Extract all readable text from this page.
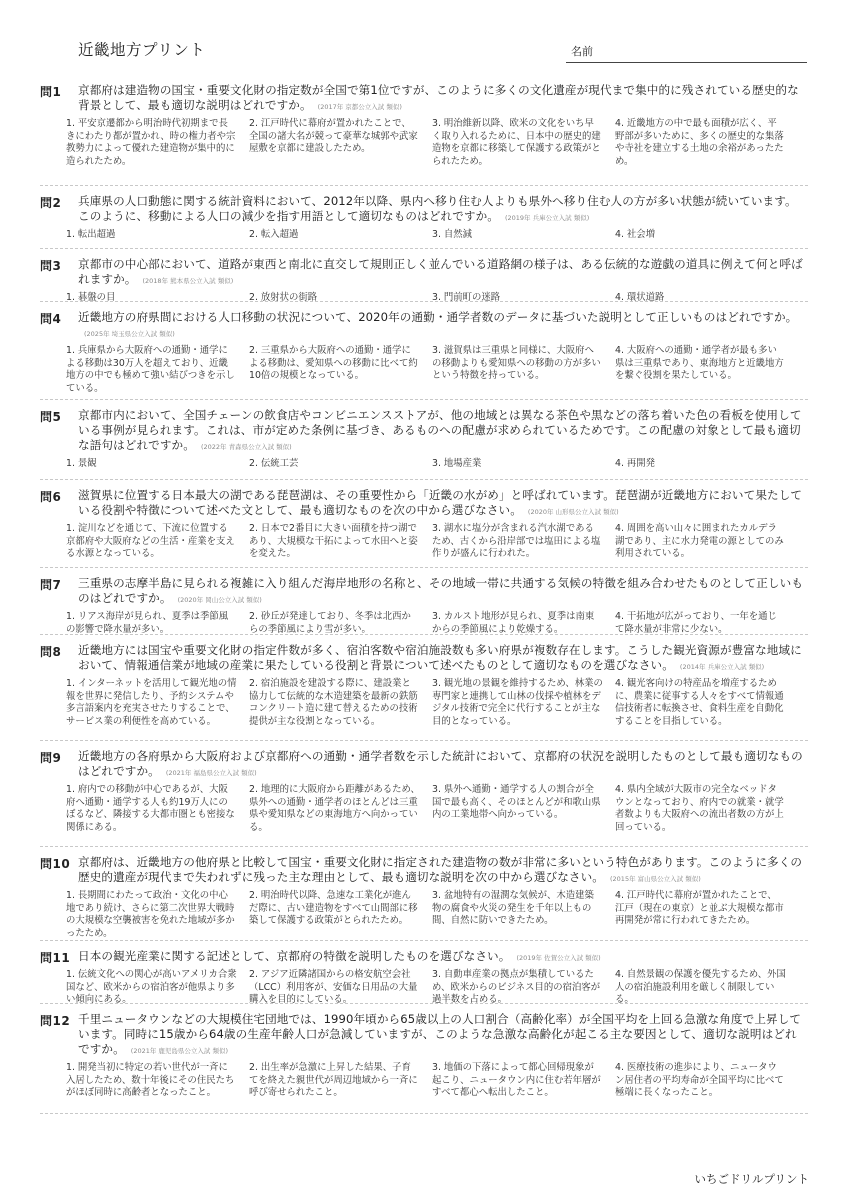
近畿地方プリント	名前
問1 京都府は建造物の国宝・重要文化財の指定数が全国で第1位ですが、このように多くの文化遺産が現代まで集中的に残されている歴史的な背景として、最も適切な説明はどれですか。 (2017年 京都公立入試 類似)
1. 平安京遷都から明治時代初期まで長きにわたり都が置かれ、時の権力者や宗教勢力によって優れた建造物が集中的に造られたため。
2. 江戸時代に幕府が置かれたことで、全国の諸大名が競って豪華な城郭や武家屋敷を京都に建設したため。
3. 明治維新以降、欧米の文化をいち早く取り入れるために、日本中の歴史的建造物を京都に移築して保護する政策がとられたため。
4. 近畿地方の中で最も面積が広く、平野部が多いために、多くの歴史的な集落や寺社を建立する土地の余裕があったため。
問2 兵庫県の人口動態に関する統計資料において、2012年以降、県内へ移り住む人よりも県外へ移り住む人の方が多い状態が続いています。このように、移動による人口の減少を指す用語として適切なものはどれですか。 (2019年 兵庫公立入試 類似)
1. 転出超過	2. 転入超過	3. 自然減	4. 社会増
問3 京都市の中心部において、道路が東西と南北に直交して規則正しく並んでいる道路網の様子は、ある伝統的な遊戯の道具に例えて何と呼ばれますか。 (2018年 熊本県公立入試 類似)
1. 碁盤の目	2. 放射状の街路	3. 門前町の迷路	4. 環状道路
問4 近畿地方の府県間における人口移動の状況について、2020年の通勤・通学者数のデータに基づいた説明として正しいものはどれですか。(2025年 埼玉県公立入試 類似)
1. 兵庫県から大阪府への通勤・通学による移動は30万人を超えており、近畿地方の中でも極めて強い結びつきを示している。
2. 三重県から大阪府への通勤・通学による移動は、愛知県への移動に比べて約10倍の規模となっている。
3. 滋賀県は三重県と同様に、大阪府への移動よりも愛知県への移動の方が多いという特徴を持っている。
4. 大阪府への通勤・通学者が最も多い県は三重県であり、東海地方と近畿地方を繋ぐ役割を果たしている。
問5 京都市内において、全国チェーンの飲食店やコンビニエンスストアが、他の地域とは異なる茶色や黒などの落ち着いた色の看板を使用している事例が見られます。これは、市が定めた条例に基づき、あるものへの配慮が求められているためです。この配慮の対象として最も適切な語句はどれですか。 (2022年 青森県公立入試 類似)
1. 景観	2. 伝統工芸	3. 地場産業	4. 再開発
問6 滋賀県に位置する日本最大の湖である琵琶湖は、その重要性から「近畿の水がめ」と呼ばれています。琵琶湖が近畿地方において果たしている役割や特徴について述べた文として、最も適切なものを次の中から選びなさい。 (2020年 山形県公立入試 類似)
1. 淀川などを通じて、下流に位置する京都府や大阪府などの生活・産業を支える水源となっている。
2. 日本で2番目に大きい面積を持つ湖であり、大規模な干拓によって水田へと姿を変えた。
3. 湖水に塩分が含まれる汽水湖であるため、古くから沿岸部では塩田による塩作りが盛んに行われた。
4. 周囲を高い山々に囲まれたカルデラ湖であり、主に水力発電の源としてのみ利用されている。
問7 三重県の志摩半島に見られる複雑に入り組んだ海岸地形の名称と、その地域一帯に共通する気候の特徴を組み合わせたものとして正しいものはどれですか。 (2020年 岡山公立入試 類似)
1. リアス海岸が見られ、夏季は季節風の影響で降水量が多い。
2. 砂丘が発達しており、冬季は北西からの季節風により雪が多い。
3. カルスト地形が見られ、夏季は南東からの季節風により乾燥する。
4. 干拓地が広がっており、一年を通じて降水量が非常に少ない。
問8 近畿地方には国宝や重要文化財の指定件数が多く、宿泊客数や宿泊施設数も多い府県が複数存在します。こうした観光資源が豊富な地域において、情報通信業が地域の産業に果たしている役割と背景について述べたものとして適切なものを選びなさい。 (2014年 兵庫公立入試 類似)
1. インターネットを活用して観光地の情報を世界に発信したり、予約システムや多言語案内を充実させたりすることで、サービス業の利便性を高めている。
2. 宿泊施設を建設する際に、建設業と協力して伝統的な木造建築を最新の鉄筋コンクリート造に建て替えるための技術提供が主な役割となっている。
3. 観光地の景観を維持するため、林業の専門家と連携して山林の伐採や植林をデジタル技術で完全に代行することが主な目的となっている。
4. 観光客向けの特産品を増産するために、農業に従事する人々をすべて情報通信技術者に転換させ、食料生産を自動化することを目指している。
問9 近畿地方の各府県から大阪府および京都府への通勤・通学者数を示した統計において、京都府の状況を説明したものとして最も適切なものはどれですか。 (2021年 福島県公立入試 類似)
1. 府内での移動が中心であるが、大阪府へ通勤・通学する人も約19万人にのぼるなど、隣接する大都市圏とも密接な関係にある。
2. 地理的に大阪府から距離があるため、県外への通勤・通学者のほとんどは三重県や愛知県などの東海地方へ向かっている。
3. 県外へ通勤・通学する人の割合が全国で最も高く、そのほとんどが和歌山県内の工業地帯へ向かっている。
4. 県内全域が大阪市の完全なベッドタウンとなっており、府内での就業・就学者数よりも大阪府への流出者数の方が上回っている。
問10 京都府は、近畿地方の他府県と比較して国宝・重要文化財に指定された建造物の数が非常に多いという特色があります。このように多くの歴史的遺産が現代まで失われずに残った主な理由として、最も適切な説明を次の中から選びなさい。 (2015年 富山県公立入試 類似)
1. 長期間にわたって政治・文化の中心地であり続け、さらに第二次世界大戦時の大規模な空襲被害を免れた地域が多かったため。
2. 明治時代以降、急速な工業化が進んだ際に、古い建造物をすべて山間部に移築して保護する政策がとられたため。
3. 盆地特有の湿潤な気候が、木造建築物の腐食や火災の発生を千年以上もの間、自然に防いできたため。
4. 江戸時代に幕府が置かれたことで、江戸（現在の東京）と並ぶ大規模な都市再開発が常に行われてきたため。
問11 日本の観光産業に関する記述として、京都府の特徴を説明したものを選びなさい。 (2019年 佐賀公立入試 類似)
1. 伝統文化への関心が高いアメリカ合衆国など、欧米からの宿泊客が他県より多い傾向にある。
2. アジア近隣諸国からの格安航空会社（LCC）利用客が、安価な日用品の大量購入を目的にしている。
3. 自動車産業の拠点が集積しているため、欧米からのビジネス目的の宿泊客が過半数を占める。
4. 自然景観の保護を優先するため、外国人の宿泊施設利用を厳しく制限している。
問12 千里ニュータウンなどの大規模住宅団地では、1990年頃から65歳以上の人口割合（高齢化率）が全国平均を上回る急激な角度で上昇しています。同時に15歳から64歳の生産年齢人口が急減していますが、このような急激な高齢化が起こる主な要因として、適切な説明はどれですか。 (2021年 鹿児島県公立入試 類似)
1. 開発当初に特定の若い世代が一斉に入居したため、数十年後にその住民たちがほぼ同時に高齢者となったこと。
2. 出生率が急激に上昇した結果、子育てを終えた親世代が周辺地域から一斉に呼び寄せられたこと。
3. 地価の下落によって都心回帰現象が起こり、ニュータウン内に住む若年層がすべて都心へ転出したこと。
4. 医療技術の進歩により、ニュータウン居住者の平均寿命が全国平均に比べて極端に長くなったこと。
いちごドリルプリント
